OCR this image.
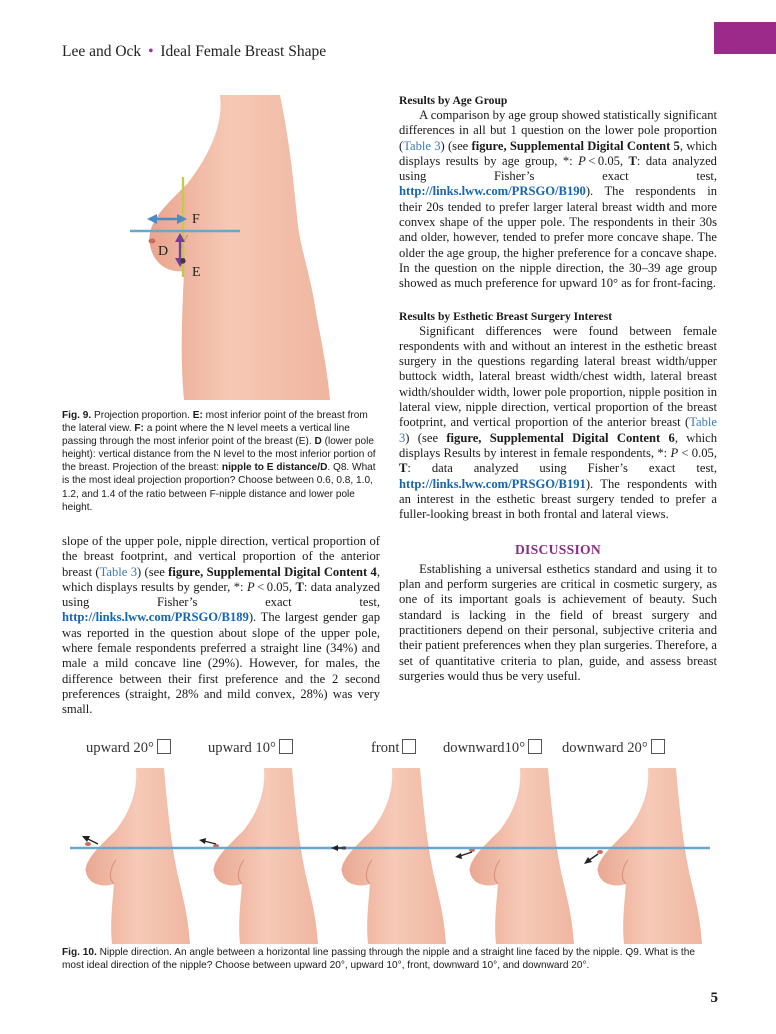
Lee and Ock • Ideal Female Breast Shape
F
D
E

Fig. 9. Projection proportion. E: most inferior point of the breast from the lateral view. F: a point where the N level meets a vertical line passing through the most inferior point of the breast (E). D (lower pole height): vertical distance from the N level to the most inferior portion of the breast. Projection of the breast: nipple to E distance/D. Q8. What is the most ideal projection proportion? Choose between 0.6, 0.8, 1.0, 1.2, and 1.4 of the ratio between F-nipple distance and lower pole height.

slope of the upper pole, nipple direction, vertical proportion of the breast footprint, and vertical proportion of the anterior breast (Table 3) (see figure, Supplemental Digital Content 4, which displays results by gender, *: P < 0.05, T: data analyzed using Fisher’s exact test, http://links.lww.com/PRSGO/B189). The largest gender gap was reported in the question about slope of the upper pole, where female respondents preferred a straight line (34%) and male a mild concave line (29%). However, for males, the difference between their first preference and the 2 second preferences (straight, 28% and mild convex, 28%) was very small.

Results by Age Group

A comparison by age group showed statistically significant differences in all but 1 question on the lower pole proportion (Table 3) (see figure, Supplemental Digital Content 5, which displays results by age group, *: P < 0.05, T: data analyzed using Fisher’s exact test, http://links.lww.com/PRSGO/B190). The respondents in their 20s tended to prefer larger lateral breast width and more convex shape of the upper pole. The respondents in their 30s and older, however, tended to prefer more concave shape. The older the age group, the higher preference for a concave shape. In the question on the nipple direction, the 30–39 age group showed as much preference for upward 10° as for front-facing.

Results by Esthetic Breast Surgery Interest

Significant differences were found between female respondents with and without an interest in the esthetic breast surgery in the questions regarding lateral breast width/upper buttock width, lateral breast width/chest width, lateral breast width/shoulder width, lower pole proportion, nipple position in lateral view, nipple direction, vertical proportion of the breast footprint, and vertical proportion of the anterior breast (Table 3) (see figure, Supplemental Digital Content 6, which displays Results by interest in female respondents, *: P < 0.05, T: data analyzed using Fisher’s exact test, http://links.lww.com/PRSGO/B191). The respondents with an interest in the esthetic breast surgery tended to prefer a fuller-looking breast in both frontal and lateral views.

DISCUSSION

Establishing a universal esthetics standard and using it to plan and perform surgeries are critical in cosmetic surgery, as one of its important goals is achievement of beauty. Such standard is lacking in the field of breast surgery and practitioners depend on their personal, subjective criteria and their patient preferences when they plan surgeries. Therefore, a set of quantitative criteria to plan, guide, and assess breast surgeries would thus be very useful.

upward 20°	upward 10°	front	downward10°	downward 20°

Fig. 10. Nipple direction. An angle between a horizontal line passing through the nipple and a straight line faced by the nipple. Q9. What is the most ideal direction of the nipple? Choose between upward 20°, upward 10°, front, downward 10°, and downward 20°.

5
